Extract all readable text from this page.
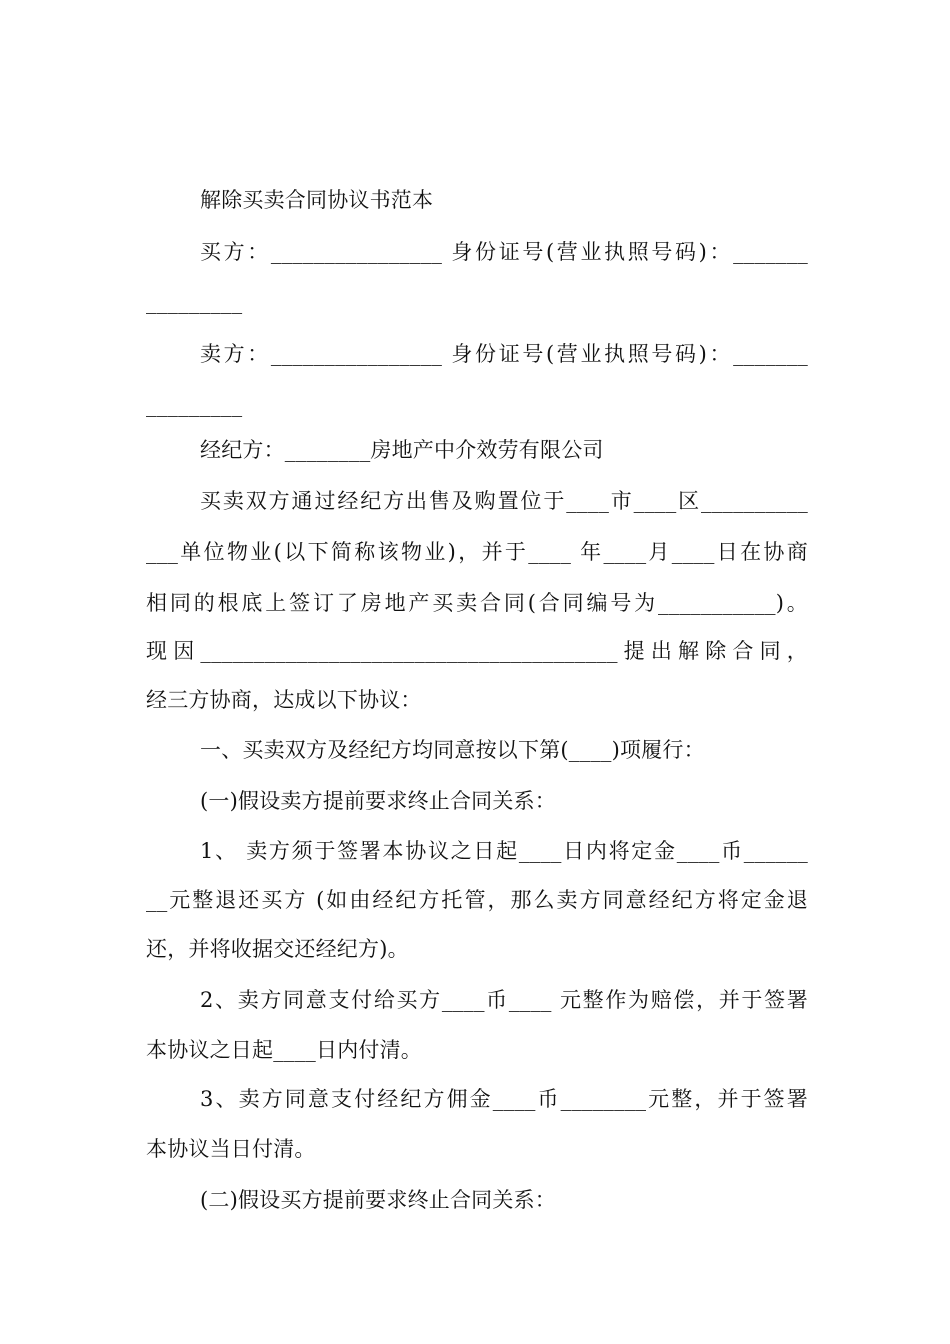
解除买卖合同协议书范本
买方：________________ 身份证号(营业执照号码)：_______
_________
卖方：________________ 身份证号(营业执照号码)：_______
_________
经纪方：________房地产中介效劳有限公司
买卖双方通过经纪方出售及购置位于____市____区__________
___单位物业(以下简称该物业)，并于____ 年____月____日在协商
相同的根底上签订了房地产买卖合同(合同编号为___________)。
现因_______________________________________提出解除合同，
经三方协商，达成以下协议：
一、买卖双方及经纪方均同意按以下第(____)项履行：
(一)假设卖方提前要求终止合同关系：
1、 卖方须于签署本协议之日起____日内将定金____币______
__元整退还买方 (如由经纪方托管，那么卖方同意经纪方将定金退
还，并将收据交还经纪方)。
2、卖方同意支付给买方____币____ 元整作为赔偿，并于签署
本协议之日起____日内付清。
3、卖方同意支付经纪方佣金____币________元整，并于签署
本协议当日付清。
(二)假设买方提前要求终止合同关系：
